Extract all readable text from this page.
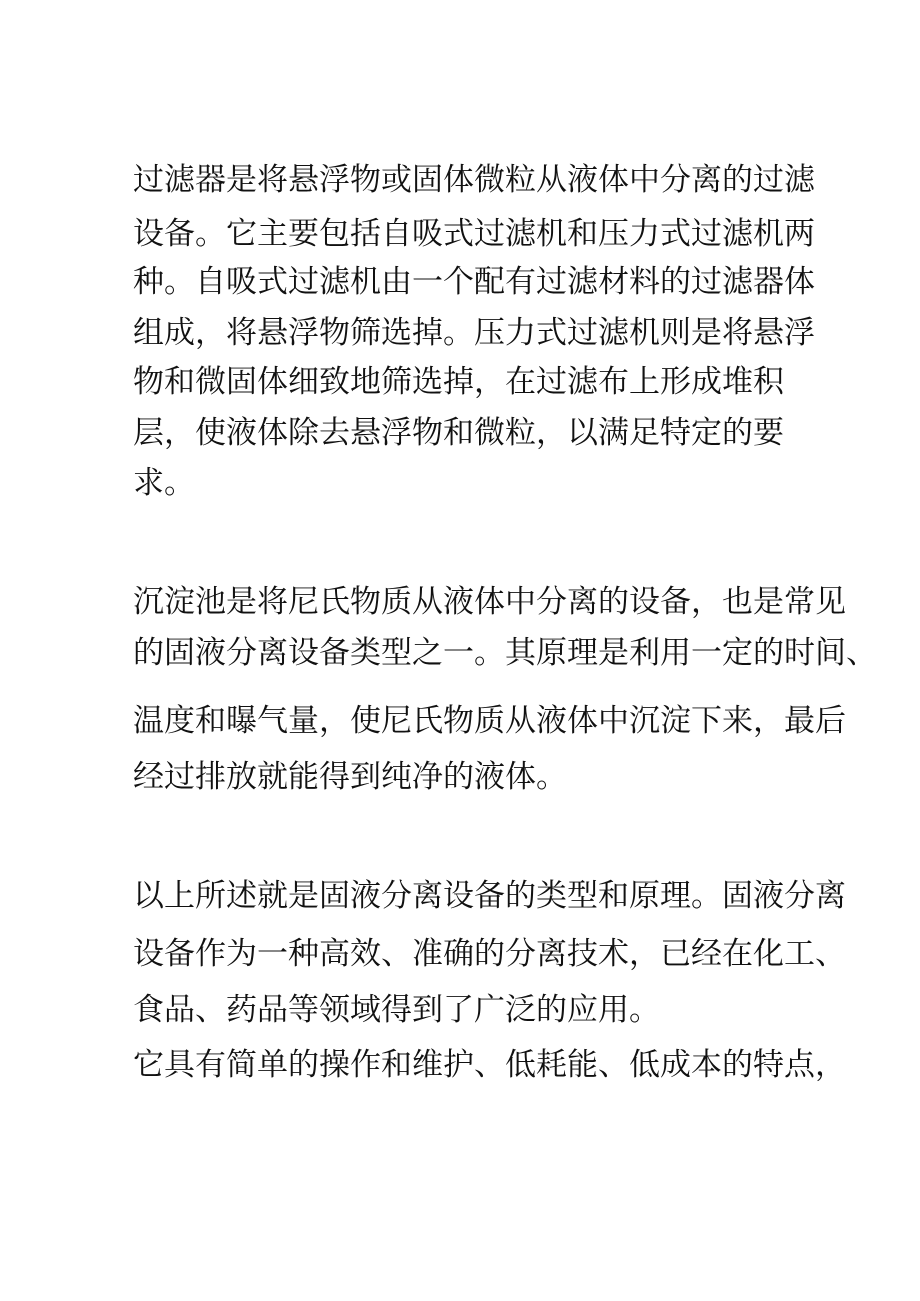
过滤器是将悬浮物或固体微粒从液体中分离的过滤
设备。它主要包括自吸式过滤机和压力式过滤机两
种。自吸式过滤机由一个配有过滤材料的过滤器体
组成，将悬浮物筛选掉。压力式过滤机则是将悬浮
物和微固体细致地筛选掉，在过滤布上形成堆积
层，使液体除去悬浮物和微粒，以满足特定的要
求。
沉淀池是将尼氏物质从液体中分离的设备，也是常见
的固液分离设备类型之一。其原理是利用一定的时间、
温度和曝气量，使尼氏物质从液体中沉淀下来，最后
经过排放就能得到纯净的液体。
以上所述就是固液分离设备的类型和原理。固液分离
设备作为一种高效、准确的分离技术，已经在化工、
食品、药品等领域得到了广泛的应用。
它具有简单的操作和维护、低耗能、低成本的特点，
